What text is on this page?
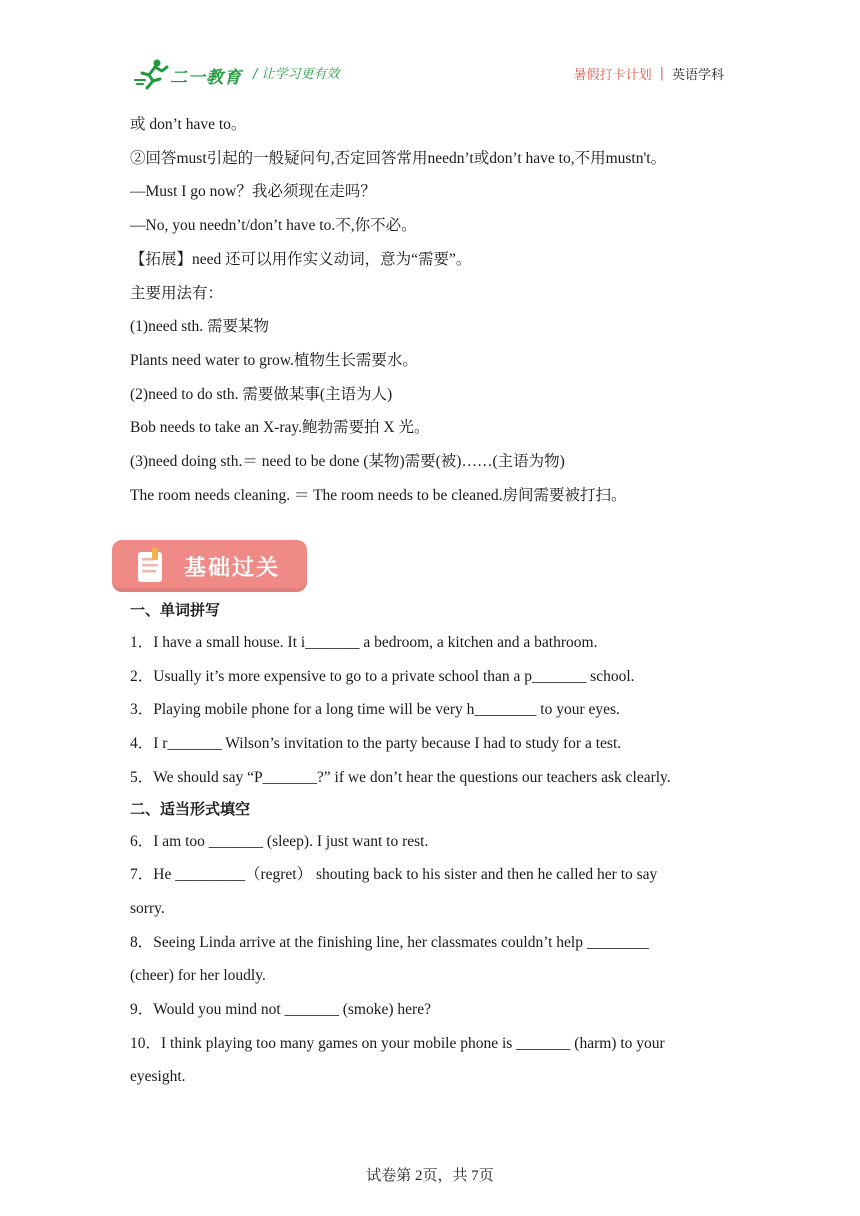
二一教育 / 让学习更有效	暑假打卡计划 | 英语学科
或 don’t have to。
②回答must引起的一般疑问句,否定回答常用needn’t或don’t have to,不用mustn't。
—Must I go now？我必须现在走吗？
—No, you needn’t/don’t have to.不,你不必。
【拓展】need 还可以用作实义动词，意为“需要”。
主要用法有：
(1)need sth. 需要某物
Plants need water to grow.植物生长需要水。
(2)need to do sth. 需要做某事(主语为人)
Bob needs to take an X-ray.鲍勃需要拍 X 光。
(3)need doing sth.＝ need to be done (某物)需要(被)……(主语为物)
The room needs cleaning. ＝ The room needs to be cleaned.房间需要被打扫。
基础过关
一、单词拼写
1．I have a small house. It i_______ a bedroom, a kitchen and a bathroom.
2．Usually it’s more expensive to go to a private school than a p_______ school.
3．Playing mobile phone for a long time will be very h________ to your eyes.
4．I r_______ Wilson’s invitation to the party because I had to study for a test.
5．We should say “P_______?” if we don’t hear the questions our teachers ask clearly.
二、适当形式填空
6．I am too _______ (sleep). I just want to rest.
7．He _________（regret） shouting back to his sister and then he called her to say
sorry.
8．Seeing Linda arrive at the finishing line, her classmates couldn’t help ________
(cheer) for her loudly.
9．Would you mind not _______ (smoke) here?
10．I think playing too many games on your mobile phone is _______ (harm) to your
eyesight.
试卷第 2页，共 7页
